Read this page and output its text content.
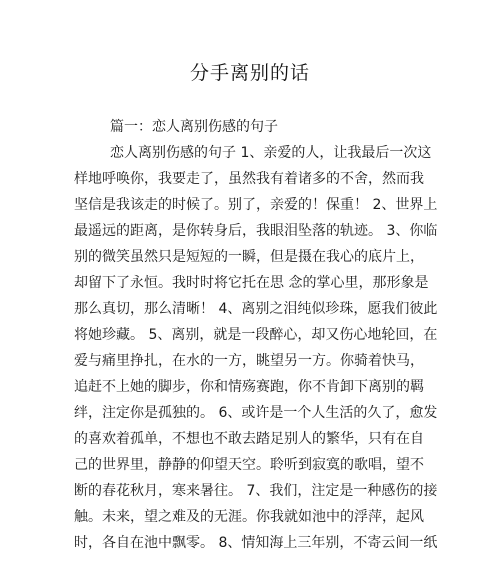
分手离别的话
篇一：恋人离别伤感的句子
恋人离别伤感的句子 1、亲爱的人，让我最后一次这
样地呼唤你，我要走了，虽然我有着诸多的不舍，然而我
坚信是我该走的时候了。别了，亲爱的！保重！ 2、世界上
最遥远的距离，是你转身后，我眼泪坠落的轨迹。 3、你临
别的微笑虽然只是短短的一瞬，但是摄在我心的底片上，
却留下了永恒。我时时将它托在思 念的掌心里，那形象是
那么真切，那么清晰！ 4、离别之泪纯似珍珠，愿我们彼此
将她珍藏。 5、离别，就是一段醉心，却又伤心地轮回，在
爱与痛里挣扎，在水的一方，眺望另一方。你骑着快马，
追赶不上她的脚步，你和情殇赛跑，你不肯卸下离别的羁
绊，注定你是孤独的。 6、或许是一个人生活的久了，愈发
的喜欢着孤单，不想也不敢去踏足别人的繁华，只有在自
己的世界里，静静的仰望天空。聆听到寂寞的歌唱，望不
断的春花秋月，寒来暑往。 7、我们，注定是一种感伤的接
触。未来，望之难及的无涯。你我就如池中的浮萍，起风
时，各自在池中飘零。 8、情知海上三年别，不寄云间一纸
